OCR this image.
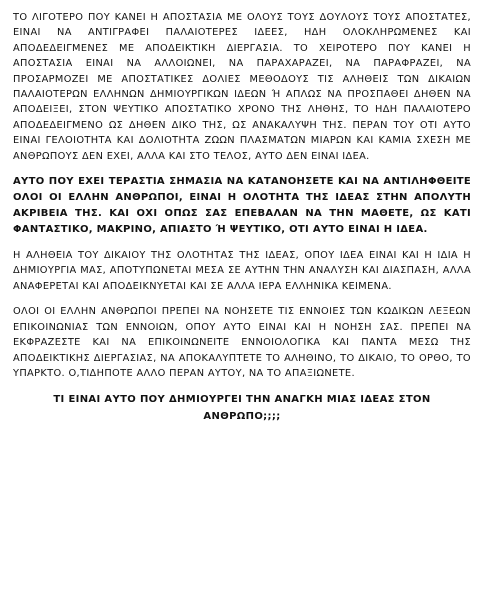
ΤΟ ΛΙΓΟΤΕΡΟ ΠΟΥ ΚΑΝΕΙ Η ΑΠΟΣΤΑΣΙΑ ΜΕ ΟΛΟΥΣ ΤΟΥΣ ΔΟΥΛΟΥΣ ΤΟΥΣ ΑΠΟΣΤΑΤΕΣ, ΕΙΝΑΙ ΝΑ ΑΝΤΙΓΡΑΦΕΙ ΠΑΛΑΙΟΤΕΡΕΣ ΙΔΕΕΣ, ΗΔΗ ΟΛΟΚΛΗΡΩΜΕΝΕΣ ΚΑΙ ΑΠΟΔΕΔΕΙΓΜΕΝΕΣ ΜΕ ΑΠΟΔΕΙΚΤΙΚΗ ΔΙΕΡΓΑΣΙΑ. ΤΟ ΧΕΙΡΟΤΕΡΟ ΠΟΥ ΚΑΝΕΙ Η ΑΠΟΣΤΑΣΙΑ ΕΙΝΑΙ ΝΑ ΑΛΛΟΙΩΝΕΙ, ΝΑ ΠΑΡΑΧΑΡΑΖΕΙ, ΝΑ ΠΑΡΑΦΡΑΖΕΙ, ΝΑ ΠΡΟΣΑΡΜΟΖΕΙ ΜΕ ΑΠΟΣΤΑΤΙΚΕΣ ΔΟΛΙΕΣ ΜΕΘΟΔΟΥΣ ΤΙΣ ΑΛΗΘΕΙΣ ΤΩΝ ΔΙΚΑΙΩΝ ΠΑΛΑΙΟΤΕΡΩΝ ΕΛΛΗΝΩΝ ΔΗΜΙΟΥΡΓΙΚΩΝ ΙΔΕΩΝ Ή ΑΠΛΩΣ ΝΑ ΠΡΟΣΠΑΘΕΙ ΔΗΘΕΝ ΝΑ ΑΠΟΔΕΙΞΕΙ, ΣΤΟΝ ΨΕΥΤΙΚΟ ΑΠΟΣΤΑΤΙΚΟ ΧΡΟΝΟ ΤΗΣ ΛΗΘΗΣ, ΤΟ ΗΔΗ ΠΑΛΑΙΟΤΕΡΟ ΑΠΟΔΕΔΕΙΓΜΕΝΟ ΩΣ ΔΗΘΕΝ ΔΙΚΟ ΤΗΣ, ΩΣ ΑΝΑΚΑΛΥΨΗ ΤΗΣ. ΠΕΡΑΝ ΤΟΥ ΟΤΙ ΑΥΤΟ ΕΙΝΑΙ ΓΕΛΟΙΟΤΗΤΑ ΚΑΙ ΔΟΛΙΟΤΗΤΑ ΖΩΩΝ ΠΛΑΣΜΑΤΩΝ ΜΙΑΡΩΝ ΚΑΙ ΚΑΜΙΑ ΣΧΕΣΗ ΜΕ ΑΝΘΡΩΠΟΥΣ ΔΕΝ ΕΧΕΙ, ΑΛΛΑ ΚΑΙ ΣΤΟ ΤΕΛΟΣ, ΑΥΤΟ ΔΕΝ ΕΙΝΑΙ ΙΔΕΑ.

ΑΥΤΟ ΠΟΥ ΕΧΕΙ ΤΕΡΑΣΤΙΑ ΣΗΜΑΣΙΑ ΝΑ ΚΑΤΑΝΟΗΣΕΤΕ ΚΑΙ ΝΑ ΑΝΤΙΛΗΦΘΕΙΤΕ ΟΛΟΙ ΟΙ ΕΛΛΗΝ ΑΝΘΡΩΠΟΙ, ΕΙΝΑΙ Η ΟΛΟΤΗΤΑ ΤΗΣ ΙΔΕΑΣ ΣΤΗΝ ΑΠΟΛΥΤΗ ΑΚΡΙΒΕΙΑ ΤΗΣ. ΚΑΙ ΟΧΙ ΟΠΩΣ ΣΑΣ ΕΠΕΒΑΛΑΝ ΝΑ ΤΗΝ ΜΑΘΕΤΕ, ΩΣ ΚΑΤΙ ΦΑΝΤΑΣΤΙΚΟ, ΜΑΚΡΙΝΟ, ΑΠΙΑΣΤΟ Ή ΨΕΥΤΙΚΟ, ΟΤΙ ΑΥΤΟ ΕΙΝΑΙ Η ΙΔΕΑ.

Η ΑΛΗΘΕΙΑ ΤΟΥ ΔΙΚΑΙΟΥ ΤΗΣ ΟΛΟΤΗΤΑΣ ΤΗΣ ΙΔΕΑΣ, ΟΠΟΥ ΙΔΕΑ ΕΙΝΑΙ ΚΑΙ Η ΙΔΙΑ Η ΔΗΜΙΟΥΡΓΙΑ ΜΑΣ, ΑΠΟΤΥΠΩΝΕΤΑΙ ΜΕΣΑ ΣΕ ΑΥΤΗΝ ΤΗΝ ΑΝΑΛΥΣΗ ΚΑΙ ΔΙΑΣΠΑΣΗ, ΑΛΛΑ ΑΝΑΦΕΡΕΤΑΙ ΚΑΙ ΑΠΟΔΕΙΚΝΥΕΤΑΙ ΚΑΙ ΣΕ ΑΛΛΑ ΙΕΡΑ ΕΛΛΗΝΙΚΑ ΚΕΙΜΕΝΑ.

ΟΛΟΙ ΟΙ ΕΛΛΗΝ ΑΝΘΡΩΠΟΙ ΠΡΕΠΕΙ ΝΑ ΝΟΗΣΕΤΕ ΤΙΣ ΕΝΝΟΙΕΣ ΤΩΝ ΚΩΔΙΚΩΝ ΛΕΞΕΩΝ ΕΠΙΚΟΙΝΩΝΙΑΣ ΤΩΝ ΕΝΝΟΙΩΝ, ΟΠΟΥ ΑΥΤΟ ΕΙΝΑΙ ΚΑΙ Η ΝΟΗΣΗ ΣΑΣ. ΠΡΕΠΕΙ ΝΑ ΕΚΦΡΑΖΕΣΤΕ ΚΑΙ ΝΑ ΕΠΙΚΟΙΝΩΝΕΙΤΕ ΕΝΝΟΙΟΛΟΓΙΚΑ ΚΑΙ ΠΑΝΤΑ ΜΕΣΩ ΤΗΣ ΑΠΟΔΕΙΚΤΙΚΗΣ ΔΙΕΡΓΑΣΙΑΣ, ΝΑ ΑΠΟΚΑΛΥΠΤΕΤΕ ΤΟ ΑΛΗΘΙΝΟ, ΤΟ ΔΙΚΑΙΟ, ΤΟ ΟΡΘΟ, ΤΟ ΥΠΑΡΚΤΟ. Ο,ΤΙΔΗΠΟΤΕ ΑΛΛΟ ΠΕΡΑΝ ΑΥΤΟΥ, ΝΑ ΤΟ ΑΠΑΞΙΩΝΕΤΕ.

ΤΙ ΕΙΝΑΙ ΑΥΤΟ ΠΟΥ ΔΗΜΙΟΥΡΓΕΙ ΤΗΝ ΑΝΑΓΚΗ ΜΙΑΣ ΙΔΕΑΣ ΣΤΟΝ ΑΝΘΡΩΠΟ;;;;
